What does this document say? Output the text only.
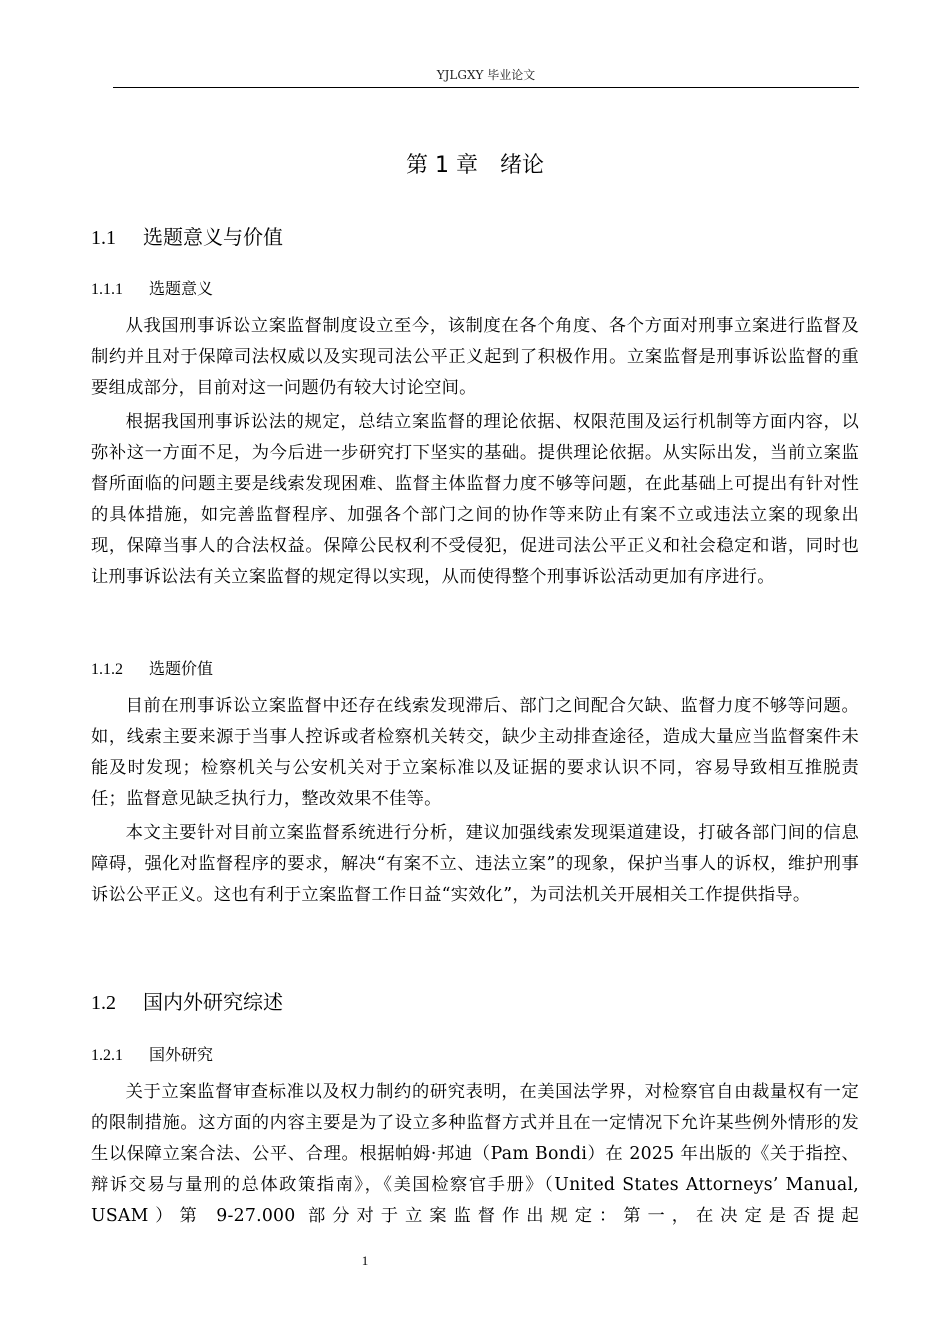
YJLGXY 毕业论文
第 1 章　绪论
1.1 选题意义与价值
1.1.1 选题意义
从我国刑事诉讼立案监督制度设立至今，该制度在各个角度、各个方面对刑事立案进行监督及制约并且对于保障司法权威以及实现司法公平正义起到了积极作用。立案监督是刑事诉讼监督的重要组成部分，目前对这一问题仍有较大讨论空间。
根据我国刑事诉讼法的规定，总结立案监督的理论依据、权限范围及运行机制等方面内容，以弥补这一方面不足，为今后进一步研究打下坚实的基础。提供理论依据。从实际出发，当前立案监督所面临的问题主要是线索发现困难、监督主体监督力度不够等问题，在此基础上可提出有针对性的具体措施，如完善监督程序、加强各个部门之间的协作等来防止有案不立或违法立案的现象出现，保障当事人的合法权益。保障公民权利不受侵犯，促进司法公平正义和社会稳定和谐，同时也让刑事诉讼法有关立案监督的规定得以实现，从而使得整个刑事诉讼活动更加有序进行。
1.1.2 选题价值
目前在刑事诉讼立案监督中还存在线索发现滞后、部门之间配合欠缺、监督力度不够等问题。如，线索主要来源于当事人控诉或者检察机关转交，缺少主动排查途径，造成大量应当监督案件未能及时发现；检察机关与公安机关对于立案标准以及证据的要求认识不同，容易导致相互推脱责任；监督意见缺乏执行力，整改效果不佳等。
本文主要针对目前立案监督系统进行分析，建议加强线索发现渠道建设，打破各部门间的信息障碍，强化对监督程序的要求，解决“有案不立、违法立案”的现象，保护当事人的诉权，维护刑事诉讼公平正义。这也有利于立案监督工作日益“实效化”，为司法机关开展相关工作提供指导。
1.2 国内外研究综述
1.2.1 国外研究
关于立案监督审查标准以及权力制约的研究表明，在美国法学界，对检察官自由裁量权有一定的限制措施。这方面的内容主要是为了设立多种监督方式并且在一定情况下允许某些例外情形的发生以保障立案合法、公平、合理。根据帕姆·邦迪（Pam Bondi）在 2025 年出版的《关于指控、辩诉交易与量刑的总体政策指南》，《美国检察官手册》（United States Attorneys’ Manual, USAM）第 9-27.000 部分对于立案监督作出规定：第一，在决定是否提起
1
